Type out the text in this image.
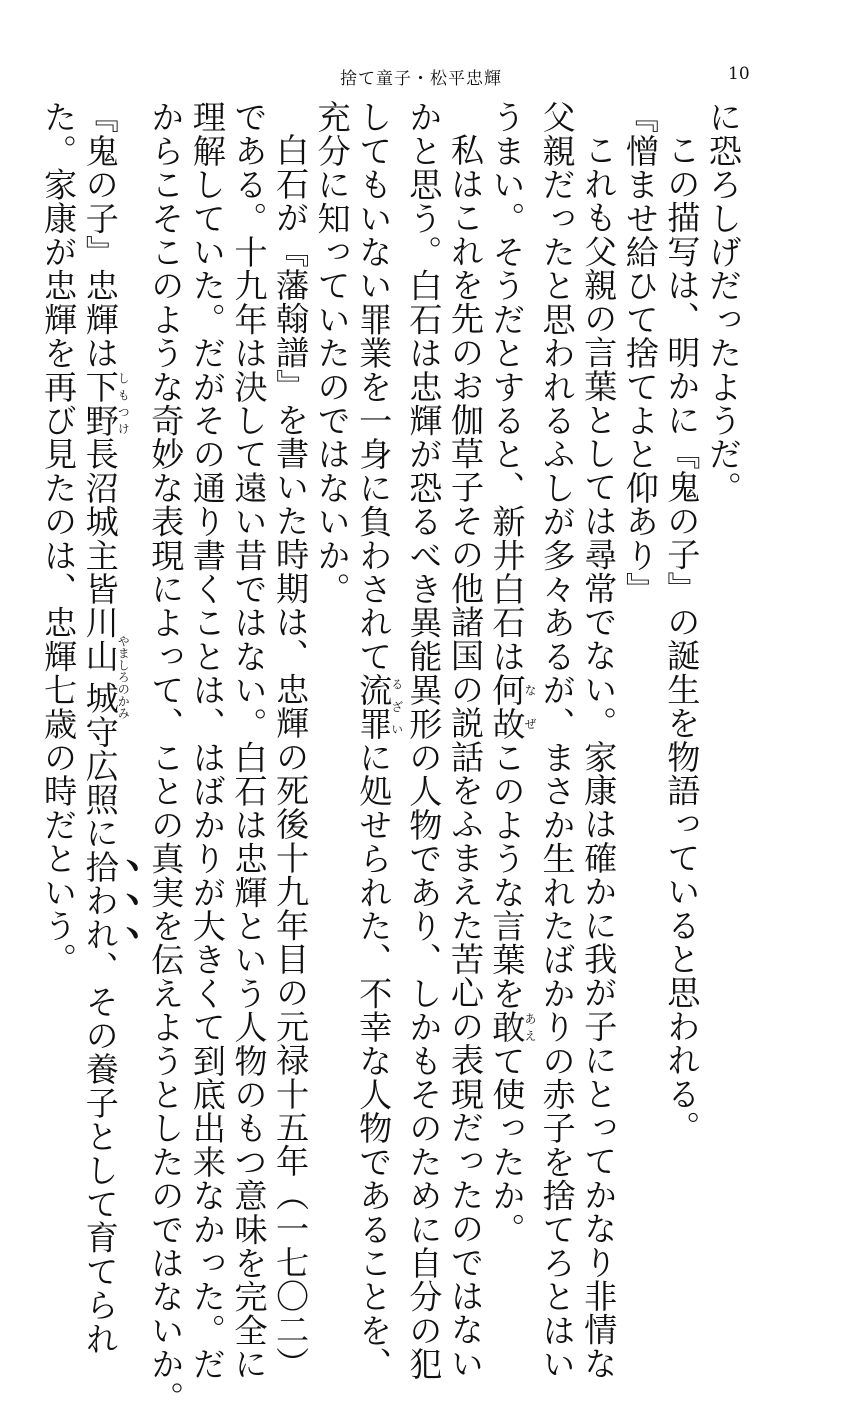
捨て童子・松平忠輝	10

に恐ろしげだったようだ。

この描写は、明かに『鬼の子』の誕生を物語っていると思われる。

『憎ませ給ひて捨てよと仰あり』

これも父親の言葉としては尋常でない。家康は確かに我が子にとってかなり非情な

父親だったと思われるふしが多々あるが、まさか生れたばかりの赤子を捨てろとはい

うまい。そうだとすると、新井白石は何故なぜこのような言葉を敢あえて使ったか。

私はこれを先のお伽草子その他諸国の説話をふまえた苦心の表現だったのではない

かと思う。白石は忠輝が恐るべき異能異形の人物であり、しかもそのために自分の犯

してもいない罪業を一身に負わされて流罪るざいに処せられた、不幸な人物であることを、

充分に知っていたのではないか。

白石が『藩翰譜』を書いた時期は、忠輝の死後十九年目の元禄十五年（一七〇二）

である。十九年は決して遠い昔ではない。白石は忠輝という人物のもつ意味を完全に

理解していた。だがその通り書くことは、はばかりが大きくて到底出来なかった。だ

からこそこのような奇妙な表現によって、ことの真実を伝えようとしたのではないか。

『鬼の子』忠輝は下野しもつけ長沼城主皆川山城やましろのかみ守広照に拾われ、その養子として育てられ

た。家康が忠輝を再び見たのは、忠輝七歳の時だという。
